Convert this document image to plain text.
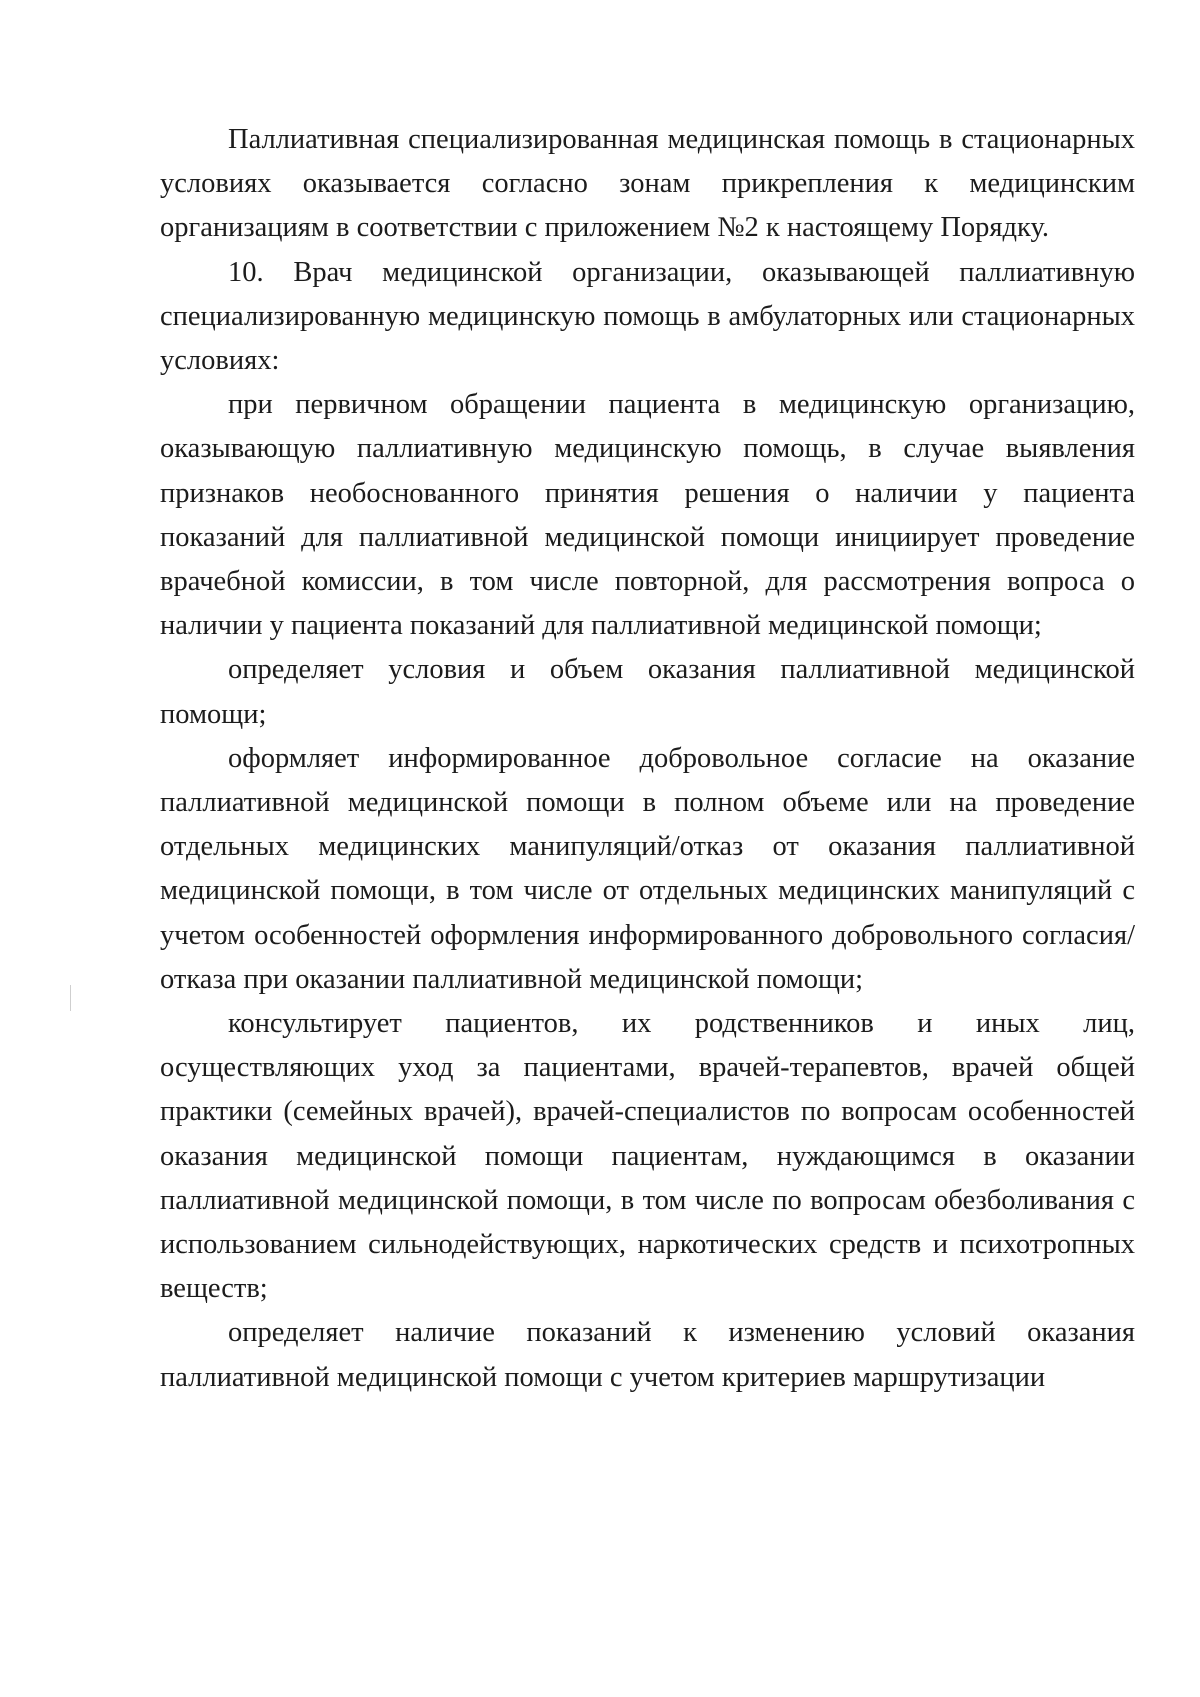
Паллиативная специализированная медицинская помощь в стационарных условиях оказывается согласно зонам прикрепления к медицинским организациям в соответствии с приложением №2 к настоящему Порядку.

10. Врач медицинской организации, оказывающей паллиативную специализированную медицинскую помощь в амбулаторных или стационарных условиях:

при первичном обращении пациента в медицинскую организацию, оказывающую паллиативную медицинскую помощь, в случае выявления признаков необоснованного принятия решения о наличии у пациента показаний для паллиативной медицинской помощи инициирует проведение врачебной комиссии, в том числе повторной, для рассмотрения вопроса о наличии у пациента показаний для паллиативной медицинской помощи;

определяет условия и объем оказания паллиативной медицинской помощи;

оформляет информированное добровольное согласие на оказание паллиативной медицинской помощи в полном объеме или на проведение отдельных медицинских манипуляций/отказ от оказания паллиативной медицинской помощи, в том числе от отдельных медицинских манипуляций с учетом особенностей оформления информированного добровольного согласия/отказа при оказании паллиативной медицинской помощи;

консультирует пациентов, их родственников и иных лиц, осуществляющих уход за пациентами, врачей-терапевтов, врачей общей практики (семейных врачей), врачей-специалистов по вопросам особенностей оказания медицинской помощи пациентам, нуждающимся в оказании паллиативной медицинской помощи, в том числе по вопросам обезболивания с использованием сильнодействующих, наркотических средств и психотропных веществ;

определяет наличие показаний к изменению условий оказания паллиативной медицинской помощи с учетом критериев маршрутизации
